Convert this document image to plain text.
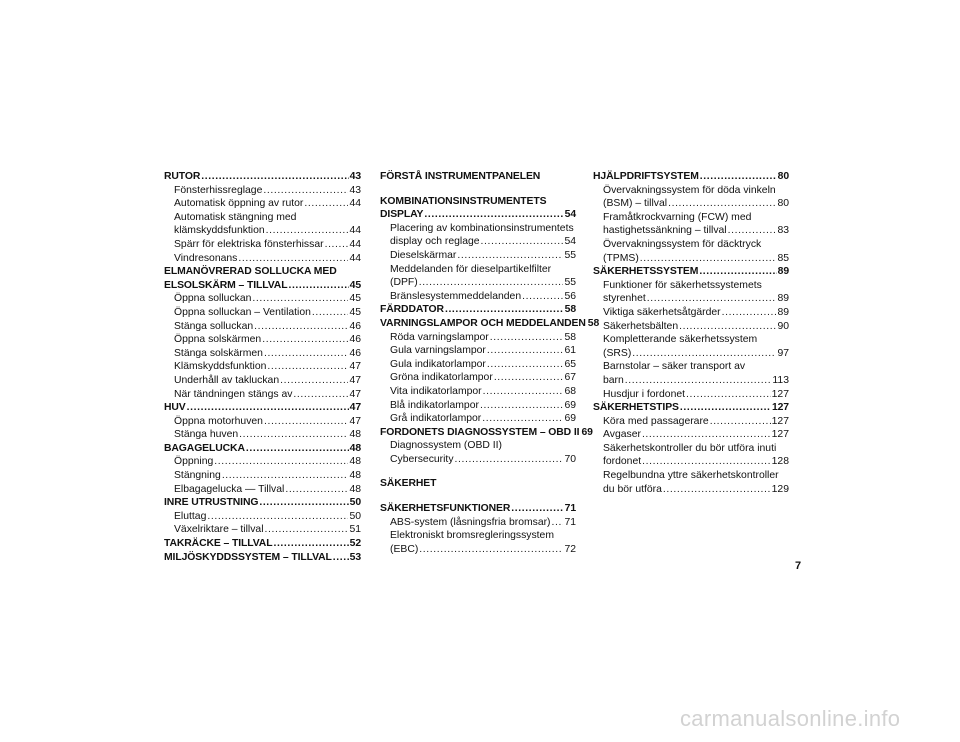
RUTOR .....	43
Fönsterhissreglage .....	43
Automatisk öppning av rutor .....	44
Automatisk stängning med
klämskyddsfunktion .....	44
Spärr för elektriska fönsterhissar ..... 44
Vindresonans .....	44
ELMANÖVRERAD SOLLUCKA MED
ELSOLSKÄRM – TILLVAL .....	45
Öppna solluckan .....	45
Öppna solluckan – Ventilation .....	45
Stänga solluckan .....	46
Öppna solskärmen .....	46
Stänga solskärmen .....	46
Klämskyddsfunktion .....	47
Underhåll av takluckan .....	47
När tändningen stängs av .....	47
HUV .....	47
Öppna motorhuven .....	47
Stänga huven .....	48
BAGAGELUCKA .....	48
Öppning .....	48
Stängning .....	48
Elbagagelucka — Tillval .....	48
INRE UTRUSTNING .....	50
Eluttag .....	50
Växelriktare – tillval .....	51
TAKRÄCKE – TILLVAL .....	52
MILJÖSKYDDSSYSTEM – TILLVAL ..... 53
FÖRSTÅ INSTRUMENTPANELEN
KOMBINATIONSINSTRUMENTETS
DISPLAY .....	54
Placering av kombinationsinstrumentets
display och reglage .....	54
Dieselskärmar .....	55
Meddelanden för dieselpartikelfilter
(DPF) .....	55
Bränslesystemmeddelanden .....	56
FÄRDDATOR .....	58
VARNINGSLAMPOR OCH MEDDELANDEN 58
Röda varningslampor .....	58
Gula varningslampor .....	61
Gula indikatorlampor .....	65
Gröna indikatorlampor .....	67
Vita indikatorlampor .....	68
Blå indikatorlampor .....	69
Grå indikatorlampor .....	69
FORDONETS DIAGNOSSYSTEM – OBD II 69
Diagnossystem (OBD II)
Cybersecurity .....	70
SÄKERHET
SÄKERHETSFUNKTIONER .....	71
ABS-system (låsningsfria bromsar) ..... 71
Elektroniskt bromsregleringssystem
(EBC) .....	72
HJÄLPDRIFTSYSTEM .....	80
Övervakningssystem för döda vinkeln
(BSM) – tillval .....	80
Framåtkrockvarning (FCW) med
hastighetssänkning – tillval .....	83
Övervakningssystem för däcktryck
(TPMS) .....	85
SÄKERHETSSYSTEM .....	89
Funktioner för säkerhetssystemets
styrenhet .....	89
Viktiga säkerhetsåtgärder .....	89
Säkerhetsbälten .....	90
Kompletterande säkerhetssystem
(SRS) .....	97
Barnstolar – säker transport av
barn .....	113
Husdjur i fordonet .....	127
SÄKERHETSTIPS .....	127
Köra med passagerare .....	127
Avgaser .....	127
Säkerhetskontroller du bör utföra inuti
fordonet .....	128
Regelbundna yttre säkerhetskontroller
du bör utföra .....	129
7
carmanualsonline.info
